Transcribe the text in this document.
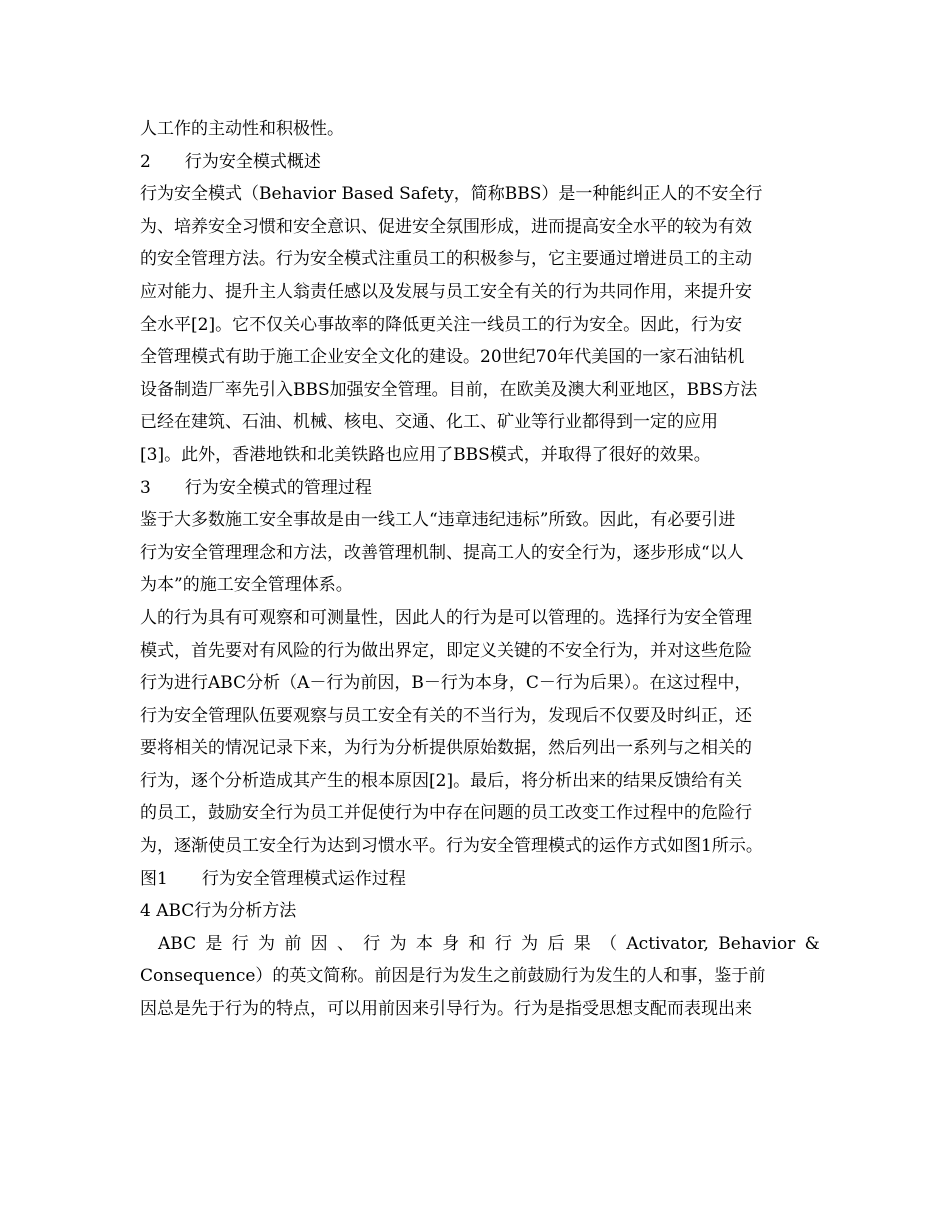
人工作的主动性和积极性。
2　　行为安全模式概述
行为安全模式（Behavior Based Safety，简称BBS）是一种能纠正人的不安全行
为、培养安全习惯和安全意识、促进安全氛围形成，进而提高安全水平的较为有效
的安全管理方法。行为安全模式注重员工的积极参与，它主要通过增进员工的主动
应对能力、提升主人翁责任感以及发展与员工安全有关的行为共同作用，来提升安
全水平[2]。它不仅关心事故率的降低更关注一线员工的行为安全。因此，行为安
全管理模式有助于施工企业安全文化的建设。20世纪70年代美国的一家石油钻机
设备制造厂率先引入BBS加强安全管理。目前，在欧美及澳大利亚地区，BBS方法
已经在建筑、石油、机械、核电、交通、化工、矿业等行业都得到一定的应用
[3]。此外，香港地铁和北美铁路也应用了BBS模式，并取得了很好的效果。
3　　行为安全模式的管理过程
鉴于大多数施工安全事故是由一线工人“违章违纪违标”所致。因此，有必要引进
行为安全管理理念和方法，改善管理机制、提高工人的安全行为，逐步形成“以人
为本”的施工安全管理体系。
人的行为具有可观察和可测量性，因此人的行为是可以管理的。选择行为安全管理
模式，首先要对有风险的行为做出界定，即定义关键的不安全行为，并对这些危险
行为进行ABC分析（A－行为前因，B－行为本身，C－行为后果）。在这过程中，
行为安全管理队伍要观察与员工安全有关的不当行为，发现后不仅要及时纠正，还
要将相关的情况记录下来，为行为分析提供原始数据，然后列出一系列与之相关的
行为，逐个分析造成其产生的根本原因[2]。最后，将分析出来的结果反馈给有关
的员工，鼓励安全行为员工并促使行为中存在问题的员工改变工作过程中的危险行
为，逐渐使员工安全行为达到习惯水平。行为安全管理模式的运作方式如图1所示。
图1　　行为安全管理模式运作过程
4 ABC行为分析方法
ABC 是 行 为 前 因 、 行 为 本 身 和 行 为 后 果 （ Activator, Behavior &
Consequence）的英文简称。前因是行为发生之前鼓励行为发生的人和事，鉴于前
因总是先于行为的特点，可以用前因来引导行为。行为是指受思想支配而表现出来
